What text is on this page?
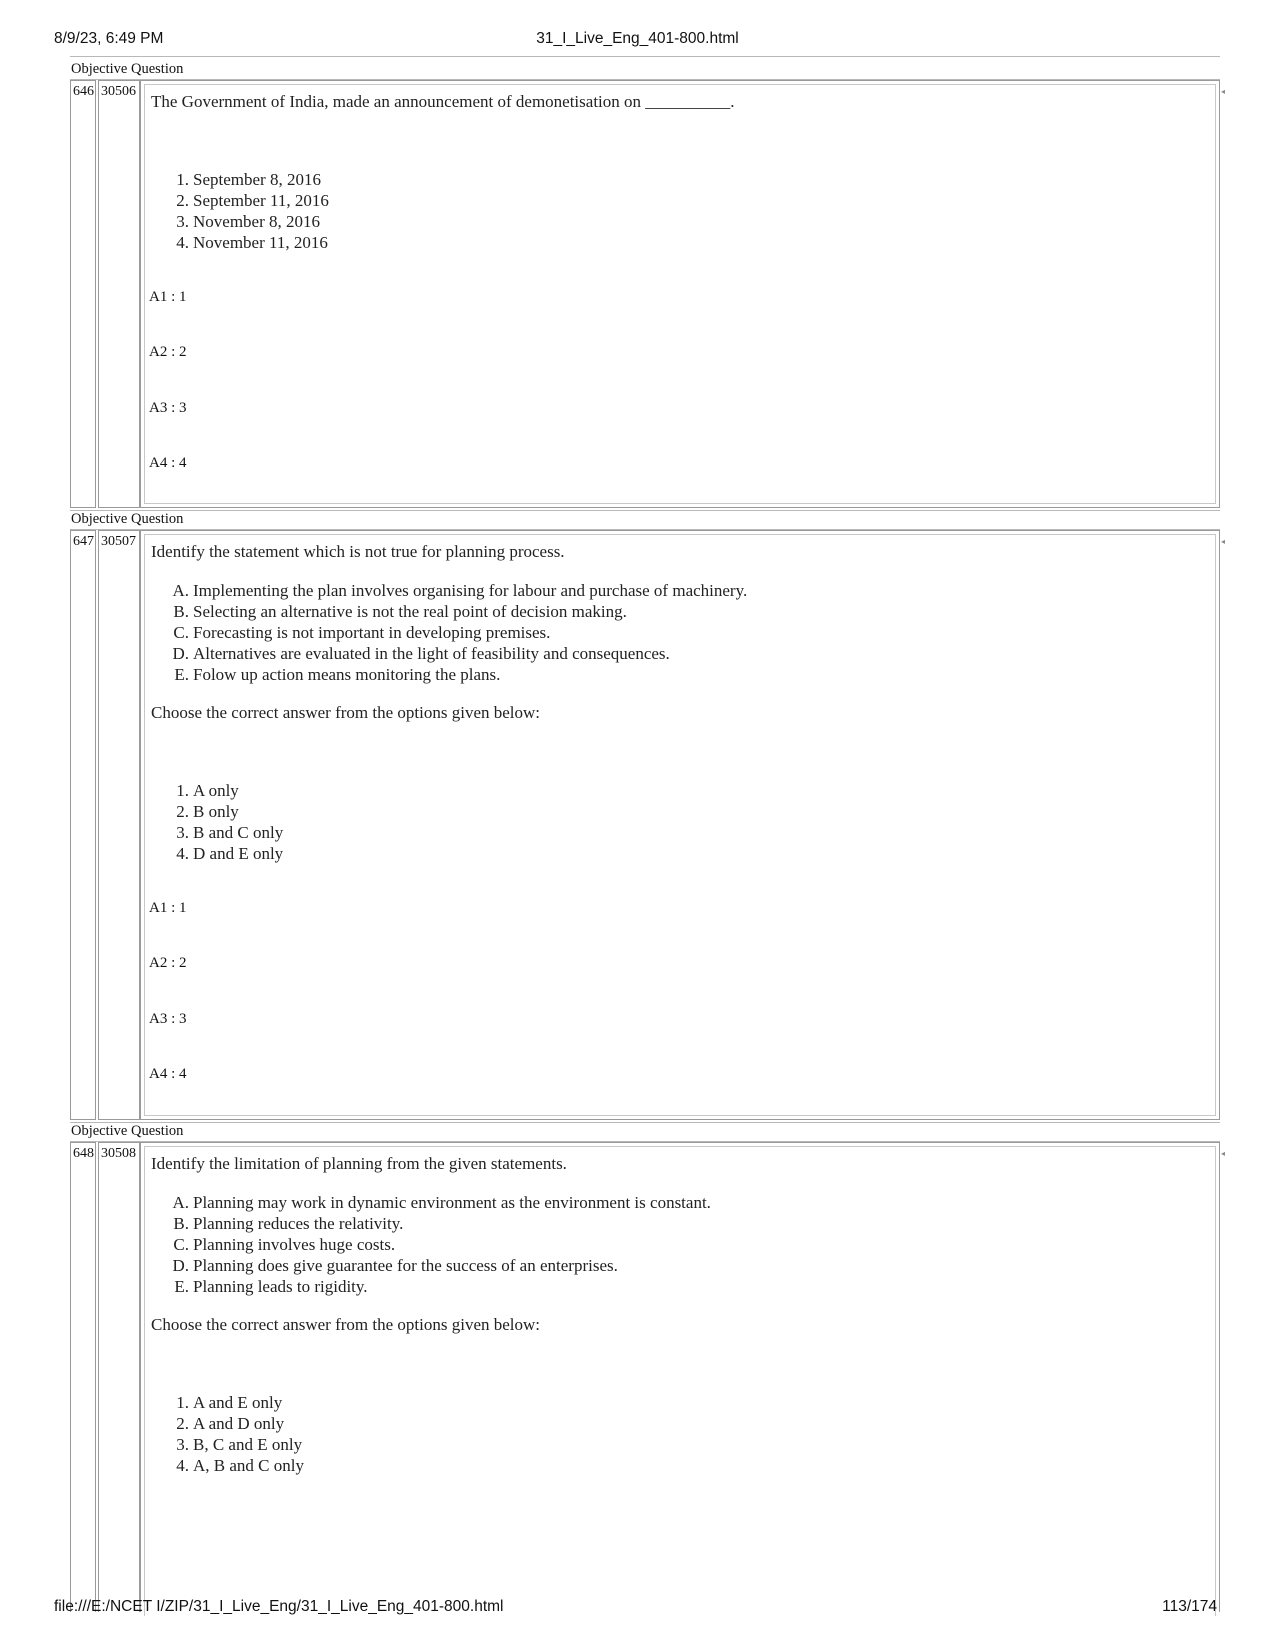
8/9/23, 6:49 PM	31_I_Live_Eng_401-800.html
Objective Question
646 30506	◂
The Government of India, made an announcement of demonetisation on __________.
1. September 8, 2016
2. September 11, 2016
3. November 8, 2016
4. November 11, 2016
A1 : 1
A2 : 2
A3 : 3
A4 : 4
Objective Question
647 30507	◂
Identify the statement which is not true for planning process.
A. Implementing the plan involves organising for labour and purchase of machinery.
B. Selecting an alternative is not the real point of decision making.
C. Forecasting is not important in developing premises.
D. Alternatives are evaluated in the light of feasibility and consequences.
E. Folow up action means monitoring the plans.
Choose the correct answer from the options given below:
1. A only
2. B only
3. B and C only
4. D and E only
A1 : 1
A2 : 2
A3 : 3
A4 : 4
Objective Question
648 30508	◂
Identify the limitation of planning from the given statements.
A. Planning may work in dynamic environment as the environment is constant.
B. Planning reduces the relativity.
C. Planning involves huge costs.
D. Planning does give guarantee for the success of an enterprises.
E. Planning leads to rigidity.
Choose the correct answer from the options given below:
1. A and E only
2. A and D only
3. B, C and E only
4. A, B and C only
file:///E:/NCET I/ZIP/31_I_Live_Eng/31_I_Live_Eng_401-800.html	113/174
